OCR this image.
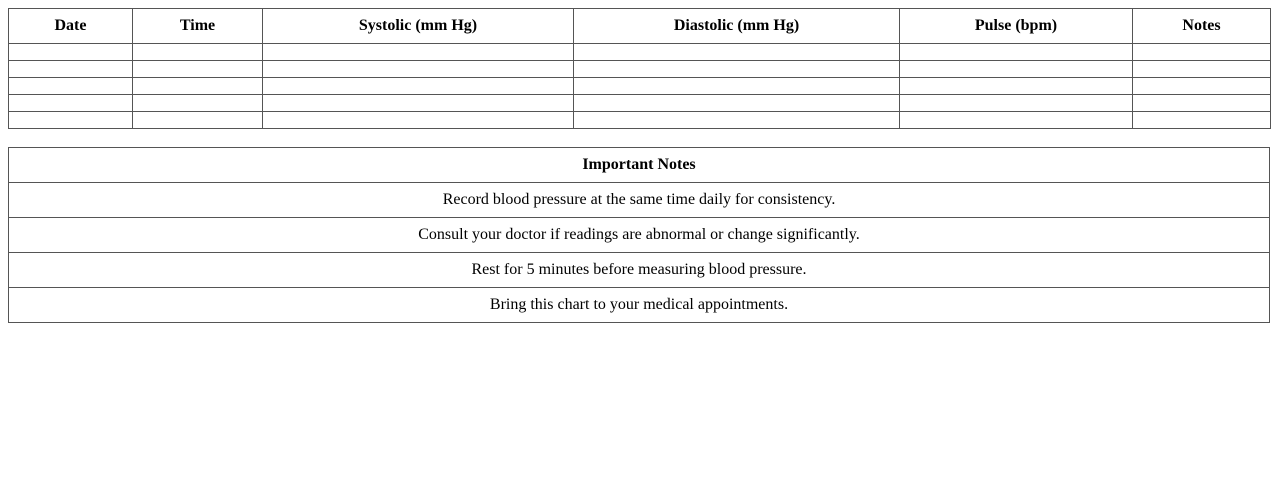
Date	Time	Systolic (mm Hg)	Diastolic (mm Hg)	Pulse (bpm)	Notes

Important Notes
Record blood pressure at the same time daily for consistency.
Consult your doctor if readings are abnormal or change significantly.
Rest for 5 minutes before measuring blood pressure.
Bring this chart to your medical appointments.
